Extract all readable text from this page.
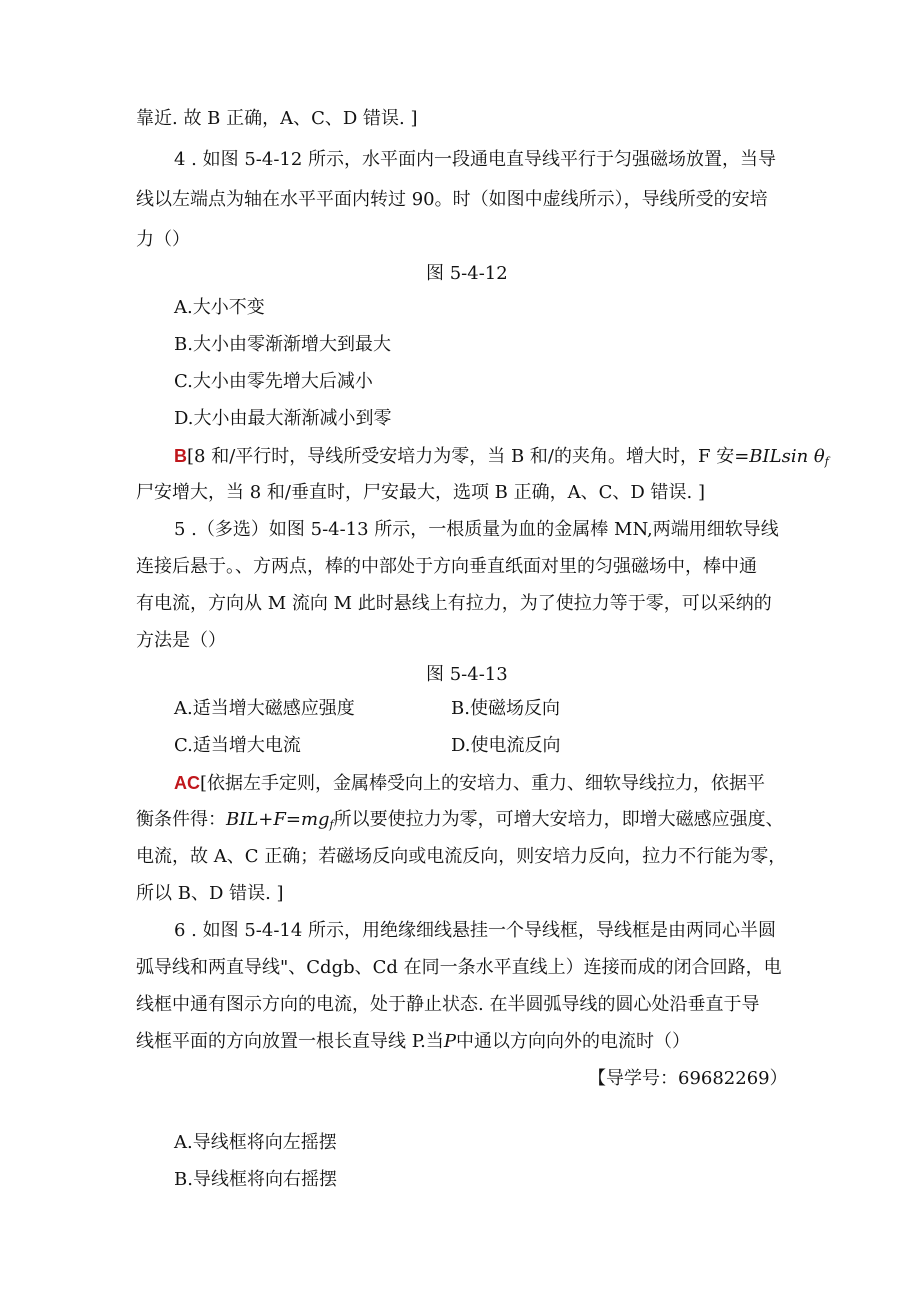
靠近. 故 B 正确，A、C、D 错误. ]
4 . 如图 5-4-12 所示，水平面内一段通电直导线平行于匀强磁场放置，当导
线以左端点为轴在水平平面内转过 90。时（如图中虚线所示），导线所受的安培
力（）
图 5-4-12
A.大小不变
B.大小由零渐渐增大到最大
C.大小由零先增大后减小
D.大小由最大渐渐减小到零
B[8 和/平行时，导线所受安培力为零，当 B 和/的夹角。增大时，F 安=BILsin $\theta_f$
尸安增大，当 8 和/垂直时，尸安最大，选项 B 正确，A、C、D 错误. ]
5 .（多选）如图 5-4-13 所示，一根质量为血的金属棒 MN,两端用细软导线
连接后悬于。、方两点，棒的中部处于方向垂直纸面对里的匀强磁场中，棒中通
有电流，方向从 M 流向 M 此时悬线上有拉力，为了使拉力等于零，可以采纳的
方法是（）
图 5-4-13
A.适当增大磁感应强度	B.使磁场反向
C.适当增大电流	D.使电流反向
AC[依据左手定则，金属棒受向上的安培力、重力、细软导线拉力，依据平
衡条件得：$BIL+F=mg_f$所以要使拉力为零，可增大安培力，即增大磁感应强度、
电流，故 A、C 正确；若磁场反向或电流反向，则安培力反向，拉力不行能为零，
所以 B、D 错误. ]
6 . 如图 5-4-14 所示，用绝缘细线悬挂一个导线框，导线框是由两同心半圆
弧导线和两直导线"、Cdgb、Cd 在同一条水平直线上）连接而成的闭合回路，电
线框中通有图示方向的电流，处于静止状态. 在半圆弧导线的圆心处沿垂直于导
线框平面的方向放置一根长直导线 P.当P中通以方向向外的电流时（）
【导学号：69682269）
A.导线框将向左摇摆
B.导线框将向右摇摆
